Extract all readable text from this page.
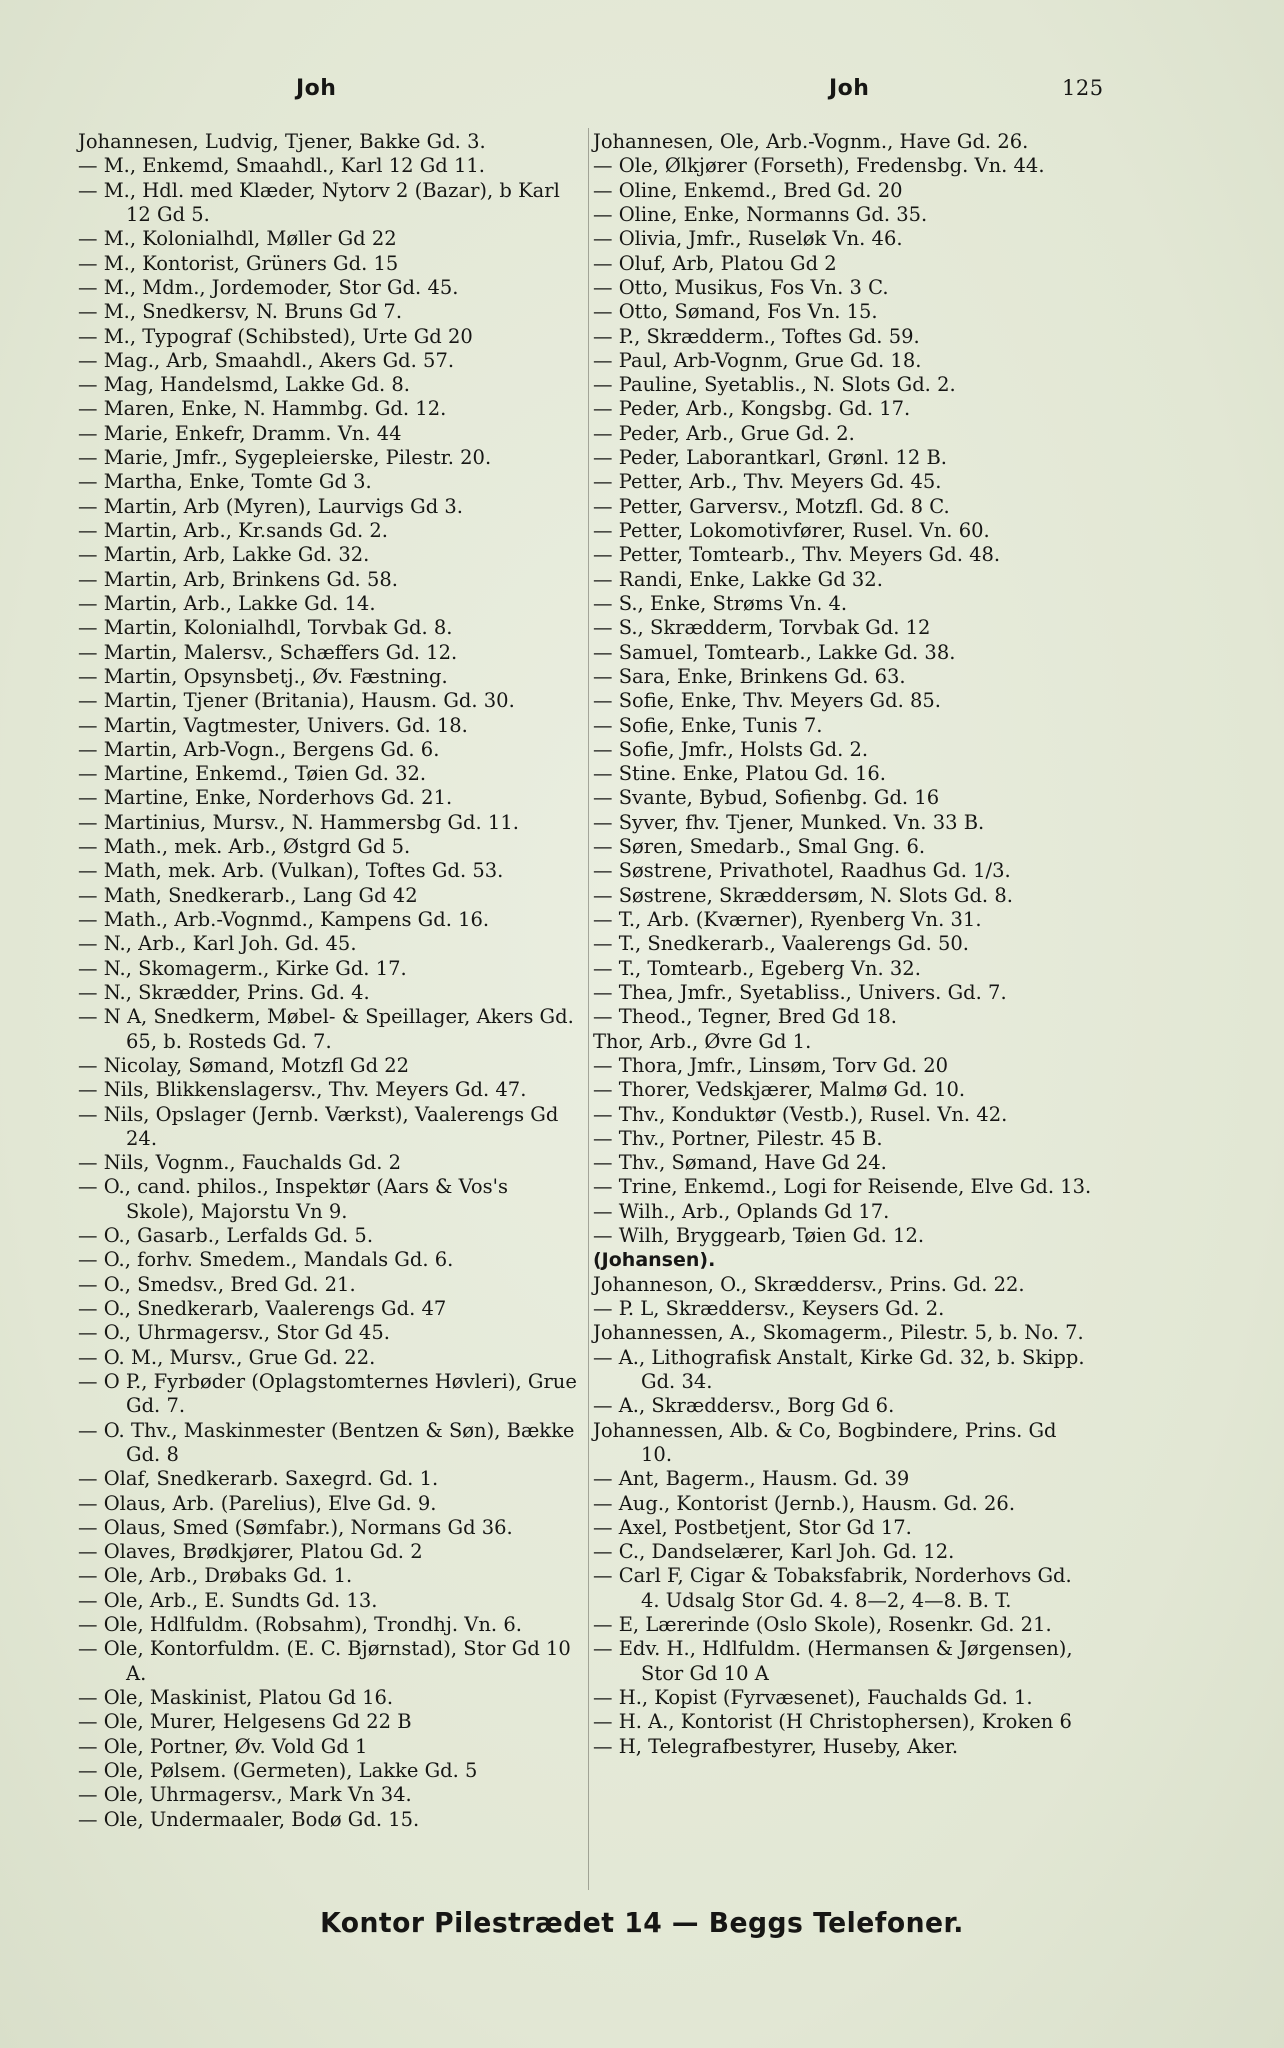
Joh	Joh	125
Johannesen, Ludvig, Tjener, Bakke Gd. 3.
— M., Enkemd, Smaahdl., Karl 12 Gd 11.
— M., Hdl. med Klæder, Nytorv 2 (Bazar), b Karl 12 Gd 5.
— M., Kolonialhdl, Møller Gd 22
— M., Kontorist, Grüners Gd. 15
— M., Mdm., Jordemoder, Stor Gd. 45.
— M., Snedkersv, N. Bruns Gd 7.
— M., Typograf (Schibsted), Urte Gd 20
— Mag., Arb, Smaahdl., Akers Gd. 57.
— Mag, Handelsmd, Lakke Gd. 8.
— Maren, Enke, N. Hammbg. Gd. 12.
— Marie, Enkefr, Dramm. Vn. 44
— Marie, Jmfr., Sygepleierske, Pilestr. 20.
— Martha, Enke, Tomte Gd 3.
— Martin, Arb (Myren), Laurvigs Gd 3.
— Martin, Arb., Kr.sands Gd. 2.
— Martin, Arb, Lakke Gd. 32.
— Martin, Arb, Brinkens Gd. 58.
— Martin, Arb., Lakke Gd. 14.
— Martin, Kolonialhdl, Torvbak Gd. 8.
— Martin, Malersv., Schæffers Gd. 12.
— Martin, Opsynsbetj., Øv. Fæstning.
— Martin, Tjener (Britania), Hausm. Gd. 30.
— Martin, Vagtmester, Univers. Gd. 18.
— Martin, Arb-Vogn., Bergens Gd. 6.
— Martine, Enkemd., Tøien Gd. 32.
— Martine, Enke, Norderhovs Gd. 21.
— Martinius, Mursv., N. Hammersbg Gd. 11.
— Math., mek. Arb., Østgrd Gd 5.
— Math, mek. Arb. (Vulkan), Toftes Gd. 53.
— Math, Snedkerarb., Lang Gd 42
— Math., Arb.-Vognmd., Kampens Gd. 16.
— N., Arb., Karl Joh. Gd. 45.
— N., Skomagerm., Kirke Gd. 17.
— N., Skrædder, Prins. Gd. 4.
— N A, Snedkerm, Møbel- & Speillager, Akers Gd. 65, b. Rosteds Gd. 7.
— Nicolay, Sømand, Motzfl Gd 22
— Nils, Blikkenslagersv., Thv. Meyers Gd. 47.
— Nils, Opslager (Jernb. Værkst), Vaalerengs Gd 24.
— Nils, Vognm., Fauchalds Gd. 2
— O., cand. philos., Inspektør (Aars & Vos's Skole), Majorstu Vn 9.
— O., Gasarb., Lerfalds Gd. 5.
— O., forhv. Smedem., Mandals Gd. 6.
— O., Smedsv., Bred Gd. 21.
— O., Snedkerarb, Vaalerengs Gd. 47
— O., Uhrmagersv., Stor Gd 45.
— O. M., Mursv., Grue Gd. 22.
— O P., Fyrbøder (Oplagstomternes Høvleri), Grue Gd. 7.
— O. Thv., Maskinmester (Bentzen & Søn), Bække Gd. 8
— Olaf, Snedkerarb. Saxegrd. Gd. 1.
— Olaus, Arb. (Parelius), Elve Gd. 9.
— Olaus, Smed (Sømfabr.), Normans Gd 36.
— Olaves, Brødkjører, Platou Gd. 2
— Ole, Arb., Drøbaks Gd. 1.
— Ole, Arb., E. Sundts Gd. 13.
— Ole, Hdlfuldm. (Robsahm), Trondhj. Vn. 6.
— Ole, Kontorfuldm. (E. C. Bjørnstad), Stor Gd 10 A.
— Ole, Maskinist, Platou Gd 16.
— Ole, Murer, Helgesens Gd 22 B
— Ole, Portner, Øv. Vold Gd 1
— Ole, Pølsem. (Germeten), Lakke Gd. 5
— Ole, Uhrmagersv., Mark Vn 34.
— Ole, Undermaaler, Bodø Gd. 15.
Johannesen, Ole, Arb.-Vognm., Have Gd. 26.
— Ole, Ølkjører (Forseth), Fredensbg. Vn. 44.
— Oline, Enkemd., Bred Gd. 20
— Oline, Enke, Normanns Gd. 35.
— Olivia, Jmfr., Ruseløk Vn. 46.
— Oluf, Arb, Platou Gd 2
— Otto, Musikus, Fos Vn. 3 C.
— Otto, Sømand, Fos Vn. 15.
— P., Skrædderm., Toftes Gd. 59.
— Paul, Arb-Vognm, Grue Gd. 18.
— Pauline, Syetablis., N. Slots Gd. 2.
— Peder, Arb., Kongsbg. Gd. 17.
— Peder, Arb., Grue Gd. 2.
— Peder, Laborantkarl, Grønl. 12 B.
— Petter, Arb., Thv. Meyers Gd. 45.
— Petter, Garversv., Motzfl. Gd. 8 C.
— Petter, Lokomotivfører, Rusel. Vn. 60.
— Petter, Tomtearb., Thv. Meyers Gd. 48.
— Randi, Enke, Lakke Gd 32.
— S., Enke, Strøms Vn. 4.
— S., Skrædderm, Torvbak Gd. 12
— Samuel, Tomtearb., Lakke Gd. 38.
— Sara, Enke, Brinkens Gd. 63.
— Sofie, Enke, Thv. Meyers Gd. 85.
— Sofie, Enke, Tunis 7.
— Sofie, Jmfr., Holsts Gd. 2.
— Stine. Enke, Platou Gd. 16.
— Svante, Bybud, Sofienbg. Gd. 16
— Syver, fhv. Tjener, Munked. Vn. 33 B.
— Søren, Smedarb., Smal Gng. 6.
— Søstrene, Privathotel, Raadhus Gd. 1/3.
— Søstrene, Skræddersøm, N. Slots Gd. 8.
— T., Arb. (Kværner), Ryenberg Vn. 31.
— T., Snedkerarb., Vaalerengs Gd. 50.
— T., Tomtearb., Egeberg Vn. 32.
— Thea, Jmfr., Syetabliss., Univers. Gd. 7.
— Theod., Tegner, Bred Gd 18.
Thor, Arb., Øvre Gd 1.
— Thora, Jmfr., Linsøm, Torv Gd. 20
— Thorer, Vedskjærer, Malmø Gd. 10.
— Thv., Konduktør (Vestb.), Rusel. Vn. 42.
— Thv., Portner, Pilestr. 45 B.
— Thv., Sømand, Have Gd 24.
— Trine, Enkemd., Logi for Reisende, Elve Gd. 13.
— Wilh., Arb., Oplands Gd 17.
— Wilh, Bryggearb, Tøien Gd. 12.
(Johansen).
Johanneson, O., Skræddersv., Prins. Gd. 22.
— P. L, Skræddersv., Keysers Gd. 2.
Johannessen, A., Skomagerm., Pilestr. 5, b. No. 7.
— A., Lithografisk Anstalt, Kirke Gd. 32, b. Skipp. Gd. 34.
— A., Skræddersv., Borg Gd 6.
Johannessen, Alb. & Co, Bogbindere, Prins. Gd 10.
— Ant, Bagerm., Hausm. Gd. 39
— Aug., Kontorist (Jernb.), Hausm. Gd. 26.
— Axel, Postbetjent, Stor Gd 17.
— C., Dandselærer, Karl Joh. Gd. 12.
— Carl F, Cigar & Tobaksfabrik, Norderhovs Gd. 4. Udsalg Stor Gd. 4. 8—2, 4—8. B. T.
— E, Lærerinde (Oslo Skole), Rosenkr. Gd. 21.
— Edv. H., Hdlfuldm. (Hermansen & Jørgensen), Stor Gd 10 A
— H., Kopist (Fyrvæsenet), Fauchalds Gd. 1.
— H. A., Kontorist (H Christophersen), Kroken 6
— H, Telegrafbestyrer, Huseby, Aker.
Kontor Pilestrædet 14 — Beggs Telefoner.
